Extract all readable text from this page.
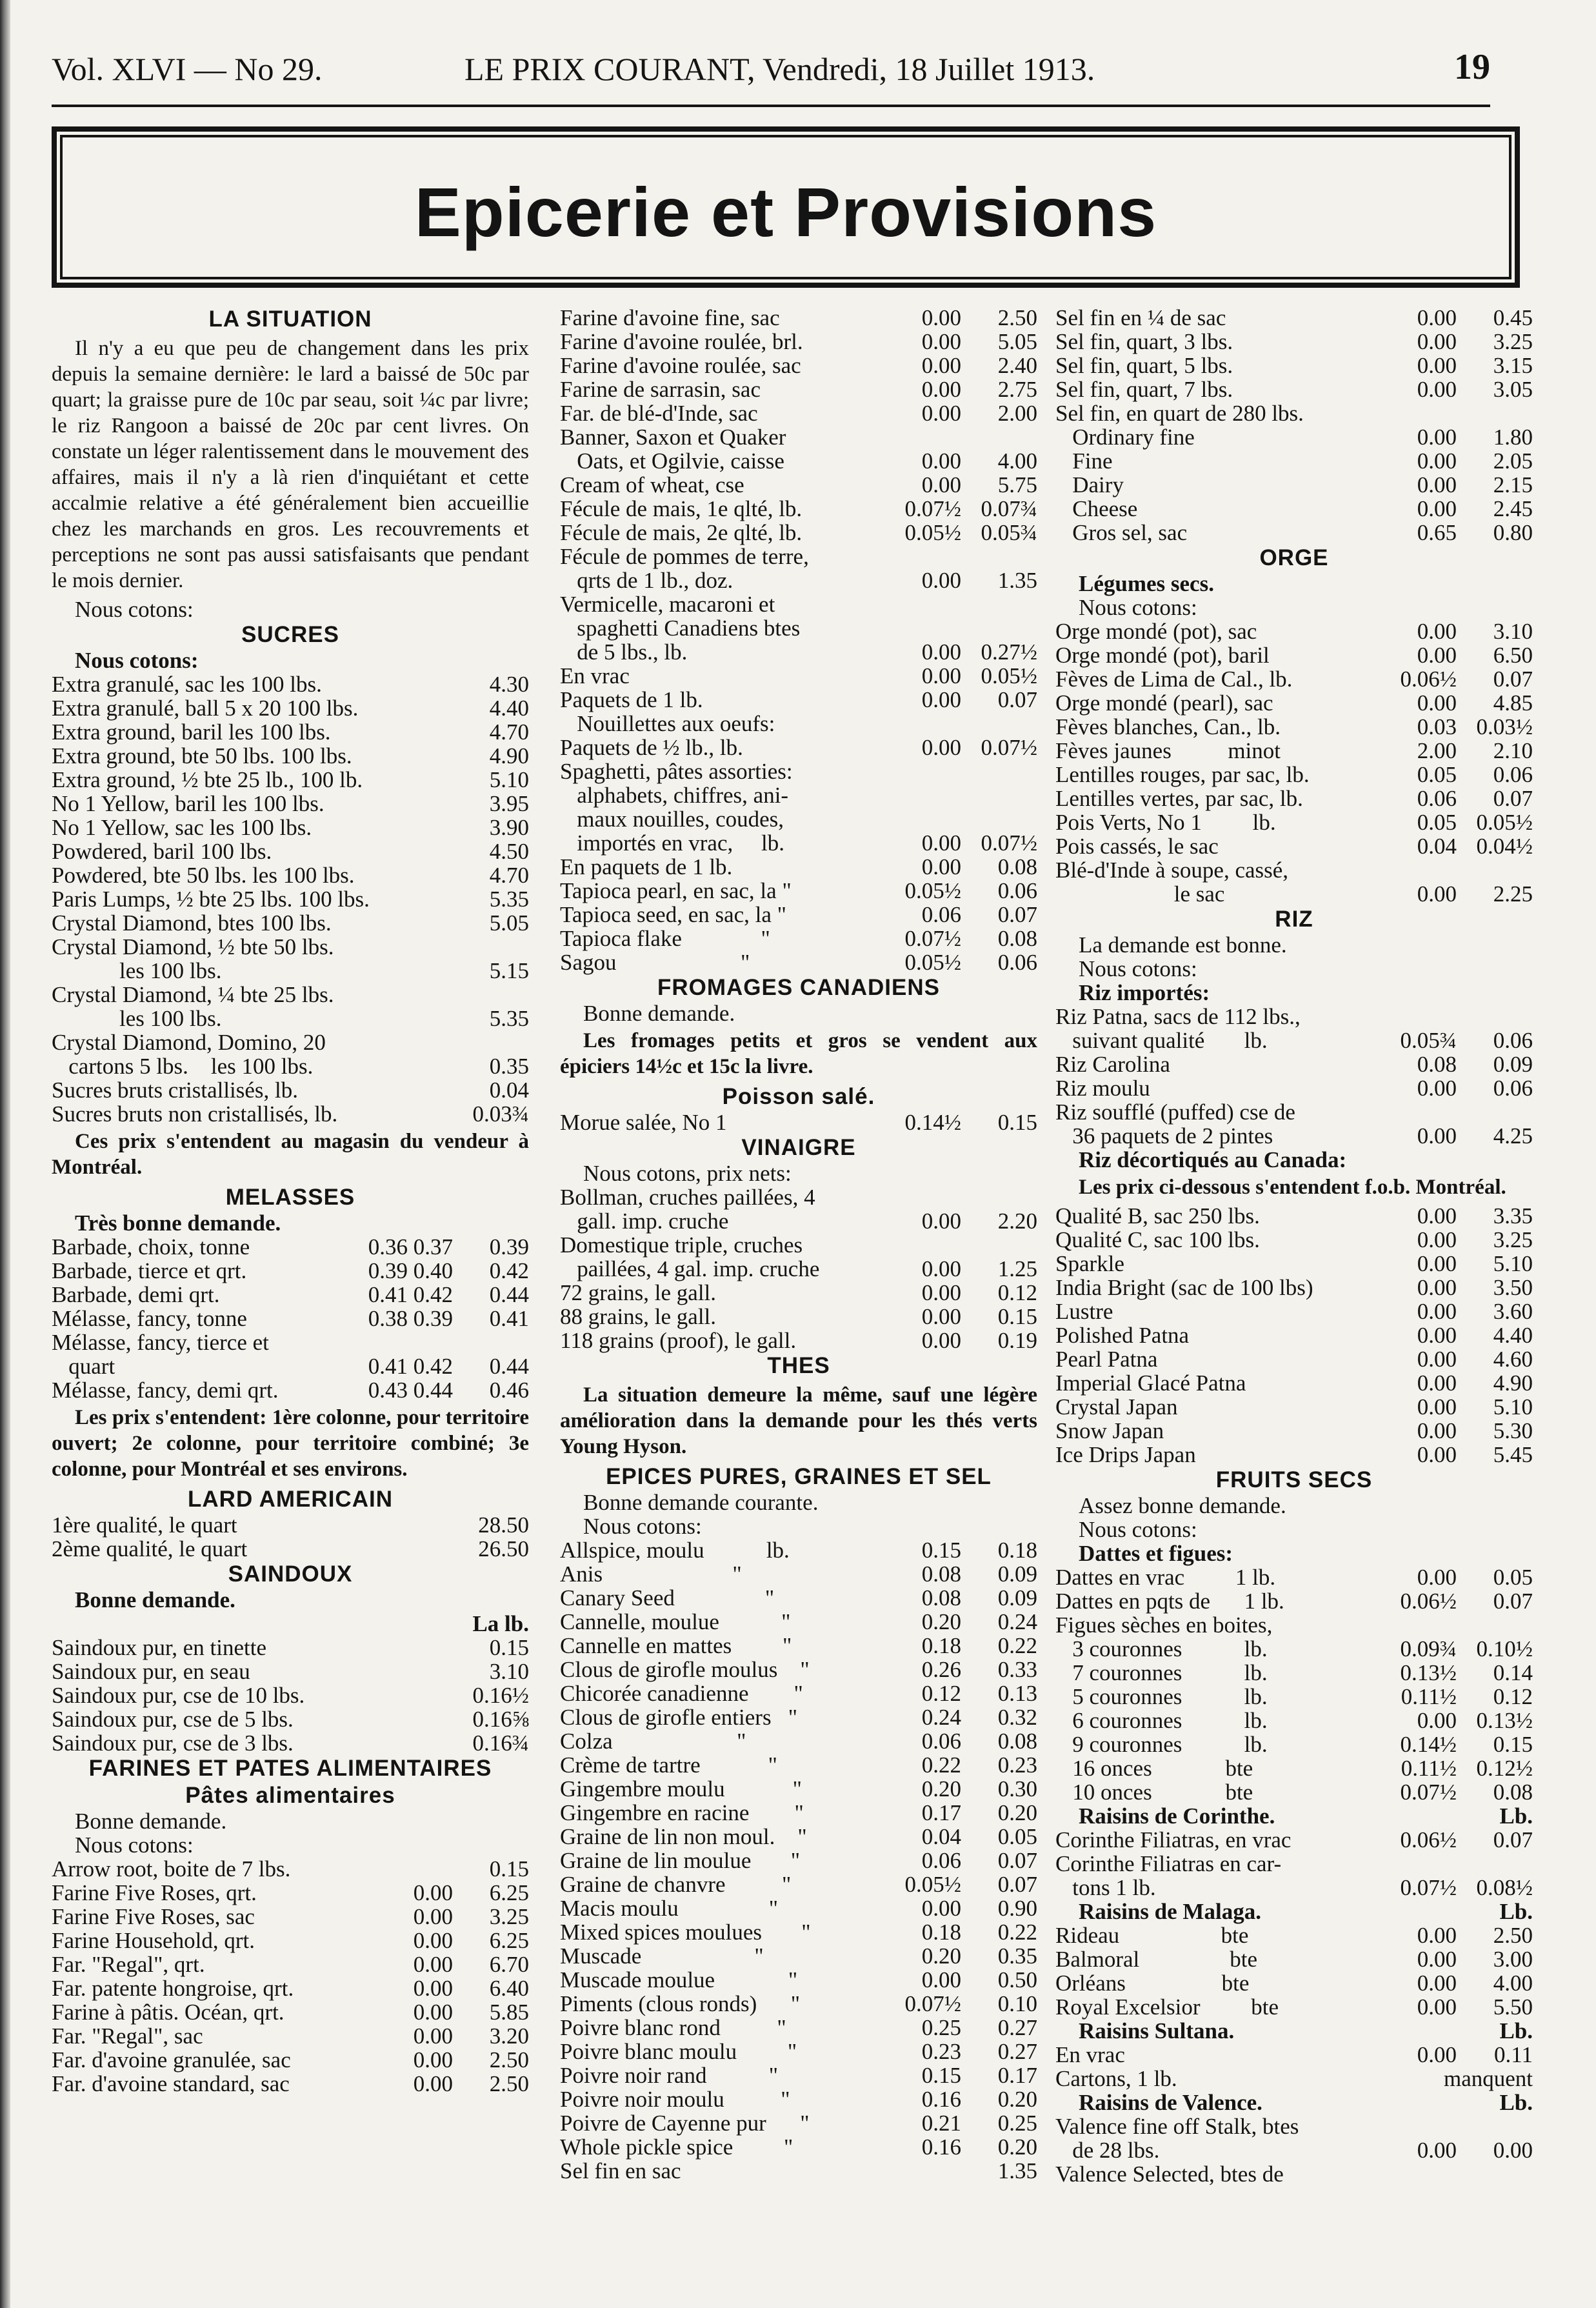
Vol. XLVI — No 29.	LE PRIX COURANT, Vendredi, 18 Juillet 1913.	19
Epicerie et Provisions
LA SITUATION
Il n'y a eu que peu de changement dans les prix depuis la semaine dernière: le lard a baissé de 50c par quart; la graisse pure de 10c par seau, soit ¼c par livre; le riz Rangoon a baissé de 20c par cent livres. On constate un léger ralentissement dans le mouvement des affaires, mais il n'y a là rien d'inquiétant et cette accalmie relative a été généralement bien accueillie chez les marchands en gros. Les recouvrements et perceptions ne sont pas aussi satisfaisants que pendant le mois dernier.
Nous cotons:
SUCRES
Nous cotons:
Extra granulé, sac les 100 lbs.	4.30
Extra granulé, ball 5 x 20 100 lbs.	4.40
Extra ground, baril les 100 lbs.	4.70
Extra ground, bte 50 lbs. 100 lbs.	4.90
Extra ground, ½ bte 25 lb., 100 lb.	5.10
No 1 Yellow, baril les 100 lbs.	3.95
No 1 Yellow, sac les 100 lbs.	3.90
Powdered, baril 100 lbs.	4.50
Powdered, bte 50 lbs. les 100 lbs.	4.70
Paris Lumps, ½ bte 25 lbs. 100 lbs.	5.35
Crystal Diamond, btes 100 lbs.	5.05
Crystal Diamond, ½ bte 50 lbs.
les 100 lbs.	5.15
Crystal Diamond, ¼ bte 25 lbs.
les 100 lbs.	5.35
Crystal Diamond, Domino, 20
cartons 5 lbs.    les 100 lbs.	0.35
Sucres bruts cristallisés, lb.	0.04
Sucres bruts non cristallisés, lb.	0.03¾
Ces prix s'entendent au magasin du vendeur à Montréal.
MELASSES
Très bonne demande.
Barbade, choix, tonne	0.36 0.37 0.39
Barbade, tierce et qrt.	0.39 0.40 0.42
Barbade, demi qrt.	0.41 0.42 0.44
Mélasse, fancy, tonne	0.38 0.39 0.41
Mélasse, fancy, tierce et
quart	0.41 0.42 0.44
Mélasse, fancy, demi qrt.	0.43 0.44 0.46
Les prix s'entendent: 1ère colonne, pour territoire ouvert; 2e colonne, pour territoire combiné; 3e colonne, pour Montréal et ses environs.
LARD AMERICAIN
1ère qualité, le quart	28.50
2ème qualité, le quart	26.50
SAINDOUX
Bonne demande.
La lb.
Saindoux pur, en tinette	0.15
Saindoux pur, en seau	3.10
Saindoux pur, cse de 10 lbs.	0.16½
Saindoux pur, cse de 5 lbs.	0.16⅝
Saindoux pur, cse de 3 lbs.	0.16¾
FARINES ET PATES ALIMENTAIRES
Pâtes alimentaires
Bonne demande.
Nous cotons:
Arrow root, boite de 7 lbs.	0.15
Farine Five Roses, qrt.	0.00 6.25
Farine Five Roses, sac	0.00 3.25
Farine Household, qrt.	0.00 6.25
Far. "Regal", qrt.	0.00 6.70
Far. patente hongroise, qrt.	0.00 6.40
Farine à pâtis. Océan, qrt.	0.00 5.85
Far. "Regal", sac	0.00 3.20
Far. d'avoine granulée, sac	0.00 2.50
Far. d'avoine standard, sac	0.00 2.50
Farine d'avoine fine, sac	0.00 2.50
Farine d'avoine roulée, brl.	0.00 5.05
Farine d'avoine roulée, sac	0.00 2.40
Farine de sarrasin, sac	0.00 2.75
Far. de blé-d'Inde, sac	0.00 2.00
Banner, Saxon et Quaker
Oats, et Ogilvie, caisse	0.00 4.00
Cream of wheat, cse	0.00 5.75
Fécule de mais, 1e qlté, lb.	0.07½ 0.07¾
Fécule de mais, 2e qlté, lb.	0.05½ 0.05¾
Fécule de pommes de terre,
qrts de 1 lb., doz.	0.00 1.35
Vermicelle, macaroni et
spaghetti Canadiens btes
de 5 lbs., lb.	0.00 0.27½
En vrac	0.00 0.05½
Paquets de 1 lb.	0.00 0.07
Nouillettes aux oeufs:
Paquets de ½ lb., lb.	0.00 0.07½
Spaghetti, pâtes assorties:
alphabets, chiffres, ani-
maux nouilles, coudes,
importés en vrac,     lb.	0.00 0.07½
En paquets de 1 lb.	0.00 0.08
Tapioca pearl, en sac, la "	0.05½ 0.06
Tapioca seed, en sac, la "	0.06 0.07
Tapioca flake              "	0.07½ 0.08
Sagou                      "	0.05½ 0.06
FROMAGES CANADIENS
Bonne demande.
Les fromages petits et gros se vendent aux épiciers 14½c et 15c la livre.
Poisson salé.
Morue salée, No 1	0.14½ 0.15
VINAIGRE
Nous cotons, prix nets:
Bollman, cruches paillées, 4
gall. imp. cruche	0.00 2.20
Domestique triple, cruches
paillées, 4 gal. imp. cruche	0.00 1.25
72 grains, le gall.	0.00 0.12
88 grains, le gall.	0.00 0.15
118 grains (proof), le gall.	0.00 0.19
THES
La situation demeure la même, sauf une légère amélioration dans la demande pour les thés verts Young Hyson.
EPICES PURES, GRAINES ET SEL
Bonne demande courante.
Nous cotons:
Allspice, moulu           lb.	0.15 0.18
Anis                       "	0.08 0.09
Canary Seed                "	0.08 0.09
Cannelle, moulue           "	0.20 0.24
Cannelle en mattes         "	0.18 0.22
Clous de girofle moulus    "	0.26 0.33
Chicorée canadienne        "	0.12 0.13
Clous de girofle entiers   "	0.24 0.32
Colza                      "	0.06 0.08
Crème de tartre            "	0.22 0.23
Gingembre moulu            "	0.20 0.30
Gingembre en racine        "	0.17 0.20
Graine de lin non moul.    "	0.04 0.05
Graine de lin moulue       "	0.06 0.07
Graine de chanvre          "	0.05½ 0.07
Macis moulu                "	0.00 0.90
Mixed spices moulues       "	0.18 0.22
Muscade                    "	0.20 0.35
Muscade moulue             "	0.00 0.50
Piments (clous ronds)      "	0.07½ 0.10
Poivre blanc rond          "	0.25 0.27
Poivre blanc moulu         "	0.23 0.27
Poivre noir rand           "	0.15 0.17
Poivre noir moulu          "	0.16 0.20
Poivre de Cayenne pur      "	0.21 0.25
Whole pickle spice         "	0.16 0.20
Sel fin en sac	1.35
Sel fin en ¼ de sac	0.00 0.45
Sel fin, quart, 3 lbs.	0.00 3.25
Sel fin, quart, 5 lbs.	0.00 3.15
Sel fin, quart, 7 lbs.	0.00 3.05
Sel fin, en quart de 280 lbs.
Ordinary fine	0.00 1.80
Fine	0.00 2.05
Dairy	0.00 2.15
Cheese	0.00 2.45
Gros sel, sac	0.65 0.80
ORGE
Légumes secs.
Nous cotons:
Orge mondé (pot), sac	0.00 3.10
Orge mondé (pot), baril	0.00 6.50
Fèves de Lima de Cal., lb.	0.06½ 0.07
Orge mondé (pearl), sac	0.00 4.85
Fèves blanches, Can., lb.	0.03 0.03½
Fèves jaunes          minot	2.00 2.10
Lentilles rouges, par sac, lb.	0.05 0.06
Lentilles vertes, par sac, lb.	0.06 0.07
Pois Verts, No 1         lb.	0.05 0.05½
Pois cassés, le sac	0.04 0.04½
Blé-d'Inde à soupe, cassé,
le sac	0.00 2.25
RIZ
La demande est bonne.
Nous cotons:
Riz importés:
Riz Patna, sacs de 112 lbs.,
suivant qualité       lb.	0.05¾ 0.06
Riz Carolina	0.08 0.09
Riz moulu	0.00 0.06
Riz soufflé (puffed) cse de
36 paquets de 2 pintes	0.00 4.25
Riz décortiqués au Canada:
Les prix ci-dessous s'entendent f.o.b. Montréal.
Qualité B, sac 250 lbs.	0.00 3.35
Qualité C, sac 100 lbs.	0.00 3.25
Sparkle	0.00 5.10
India Bright (sac de 100 lbs)	0.00 3.50
Lustre	0.00 3.60
Polished Patna	0.00 4.40
Pearl Patna	0.00 4.60
Imperial Glacé Patna	0.00 4.90
Crystal Japan	0.00 5.10
Snow Japan	0.00 5.30
Ice Drips Japan	0.00 5.45
FRUITS SECS
Assez bonne demande.
Nous cotons:
Dattes et figues:
Dattes en vrac         1 lb.	0.00 0.05
Dattes en pqts de      1 lb.	0.06½ 0.07
Figues sèches en boites,
3 couronnes           lb.	0.09¾ 0.10½
7 couronnes           lb.	0.13½ 0.14
5 couronnes           lb.	0.11½ 0.12
6 couronnes           lb.	0.00 0.13½
9 couronnes           lb.	0.14½ 0.15
16 onces             bte	0.11½ 0.12½
10 onces             bte	0.07½ 0.08
Raisins de Corinthe.	Lb.
Corinthe Filiatras, en vrac	0.06½ 0.07
Corinthe Filiatras en car-
tons 1 lb.	0.07½ 0.08½
Raisins de Malaga.	Lb.
Rideau                  bte	0.00 2.50
Balmoral                bte	0.00 3.00
Orléans                 bte	0.00 4.00
Royal Excelsior         bte	0.00 5.50
Raisins Sultana.	Lb.
En vrac	0.00 0.11
Cartons, 1 lb.	manquent
Raisins de Valence.	Lb.
Valence fine off Stalk, btes
de 28 lbs.	0.00 0.00
Valence Selected, btes de
